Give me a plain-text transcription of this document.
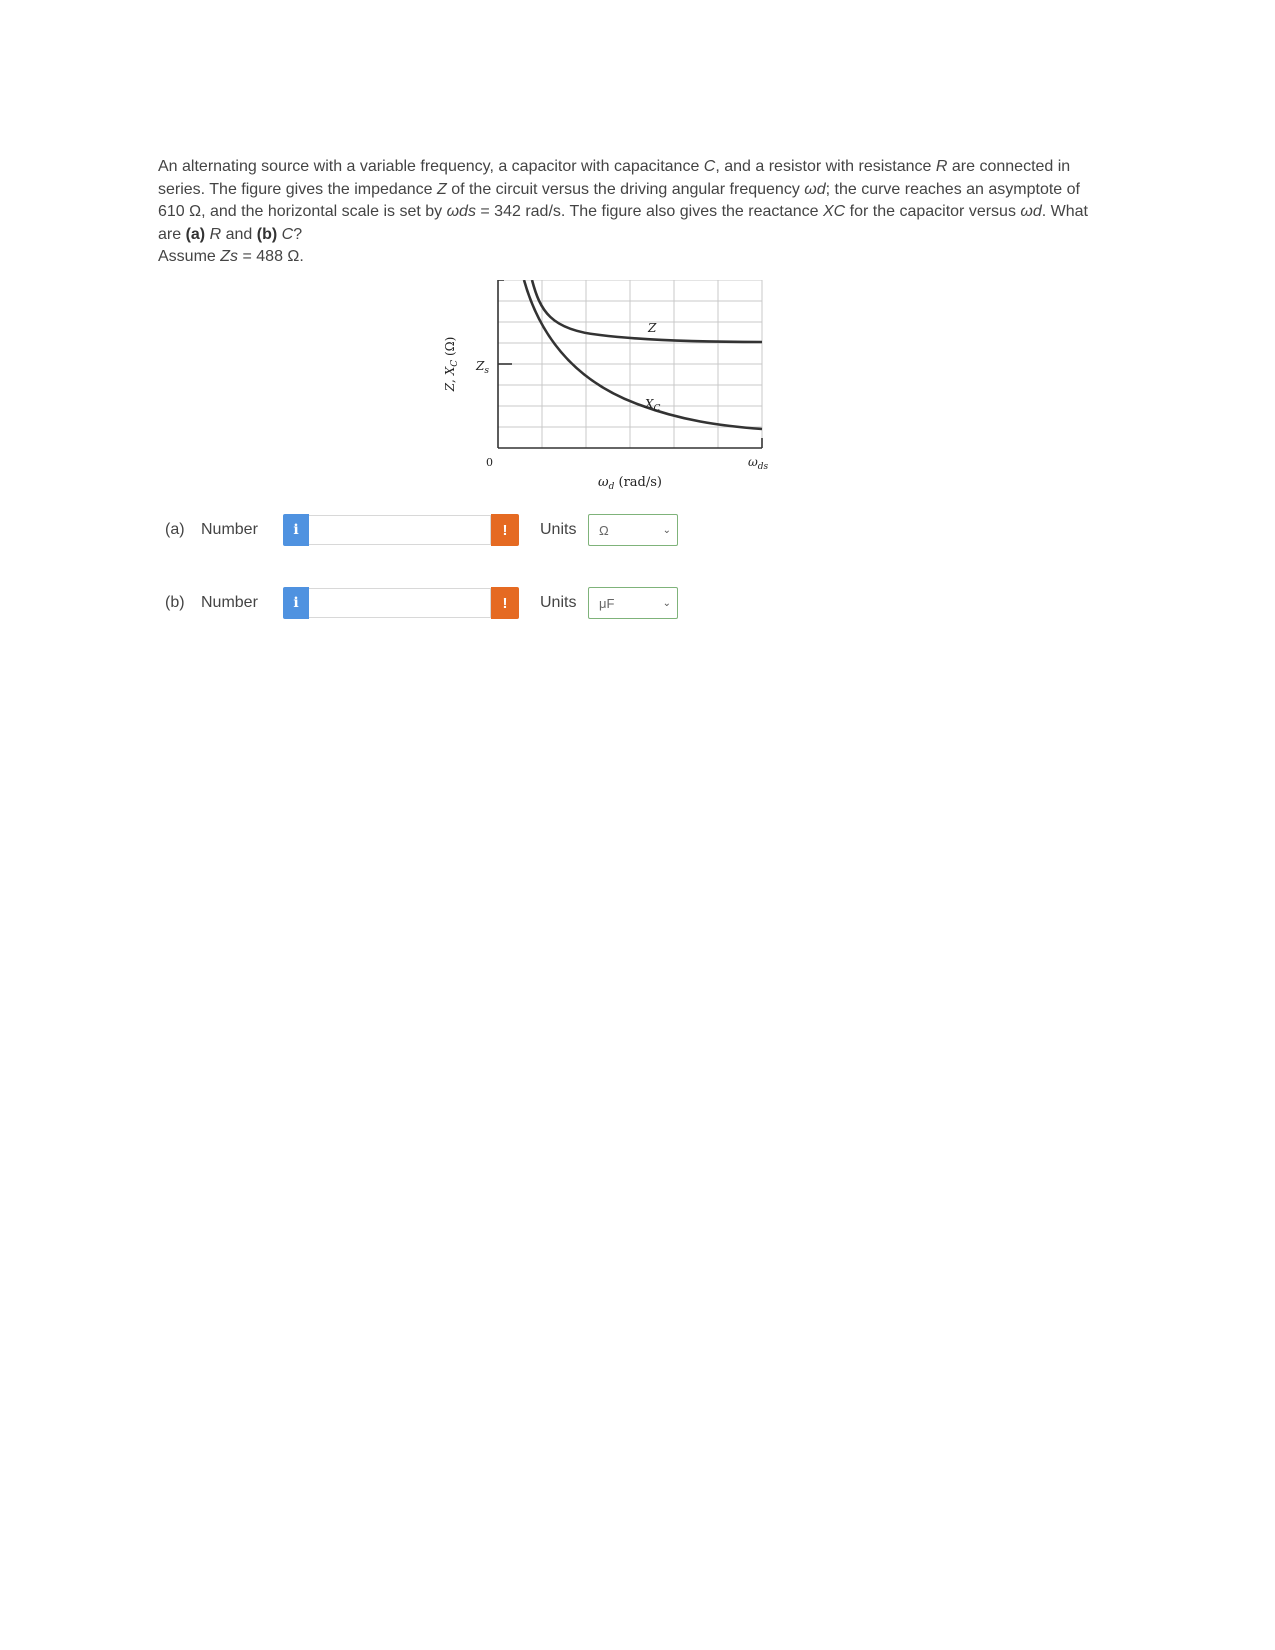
An alternating source with a variable frequency, a capacitor with capacitance C, and a resistor with resistance R are connected in series. The figure gives the impedance Z of the circuit versus the driving angular frequency ωd; the curve reaches an asymptote of 610 Ω, and the horizontal scale is set by ωds = 342 rad/s. The figure also gives the reactance XC for the capacitor versus ωd. What are (a) R and (b) C?

Assume Zs = 488 Ω.

Z, $X_C$ (Ω)
$Z_s$
0	$\omega_{ds}$
$\omega_d$ (rad/s)
Z
$X_C$
(a)	Number	i	!	Units	Ω	⌄
(b)	Number	i	!	Units	μF	⌄
